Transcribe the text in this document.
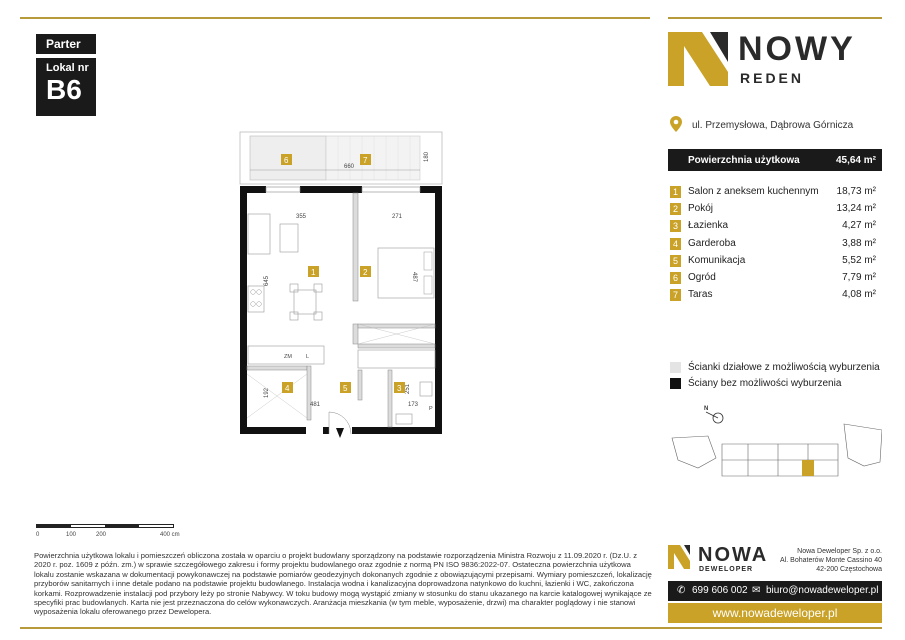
Parter
Lokal nr
B6
NOWY
REDEN
ul. Przemysłowa, Dąbrowa Górnicza
Powierzchnia użytkowa	45,64 m²
1	Salon z aneksem kuchennym 18,73 m²
2	Pokój	13,24 m²
3	Łazienka	4,27 m²
4	Garderoba	3,88 m²
5	Komunikacja	5,52 m²
6	Ogród	7,79 m²
7	Taras	4,08 m²
Ścianki działowe z możliwością wyburzenia
Ściany bez możliwości wyburzenia
660
180
6	7
ZM	L
P
355	271
487
645
251
173
192
481
1	2
3
4	5
N
0	100	200	400 cm
Powierzchnia użytkowa lokalu i pomieszczeń obliczona została w oparciu o projekt budowlany sporządzony na podstawie rozporządzenia Ministra Rozwoju z 11.09.2020 r. (Dz.U. z 2020 r. poz. 1609 z późn. zm.) w sprawie szczegółowego zakresu i formy projektu budowlanego oraz zgodnie z normą PN ISO 9836:2022-07. Ostateczna powierzchnia użytkowa lokalu zostanie wskazana w dokumentacji powykonawczej na podstawie pomiarów geodezyjnych dokonanych zgodnie z obowiązującymi przepisami. Wymiary pomieszczeń, lokalizację przyborów sanitarnych i inne detale podano na podstawie projektu budowlanego. Instalacja wodna i kanalizacyjna doprowadzona natynkowo do kuchni, łazienki i WC, zakończona korkami. Rozprowadzenie instalacji pod przybory leży po stronie Nabywcy. W toku budowy mogą wystąpić zmiany w stosunku do stanu ukazanego na karcie katalogowej wynikające ze specyfiki prac budowlanych. Karta nie jest przeznaczona do celów wykonawczych. Aranżacja mieszkania (w tym meble, wyposażenie, drzwi) ma charakter poglądowy i nie stanowi wyposażenia lokalu oferowanego przez Dewelopera.
NOWA
DEWELOPER
Nowa Deweloper Sp. z o.o.
Al. Bohaterów Monte Cassino 40
42-200 Częstochowa
✆ 699 606 002 ✉ biuro@nowadeweloper.pl
www.nowadeweloper.pl
